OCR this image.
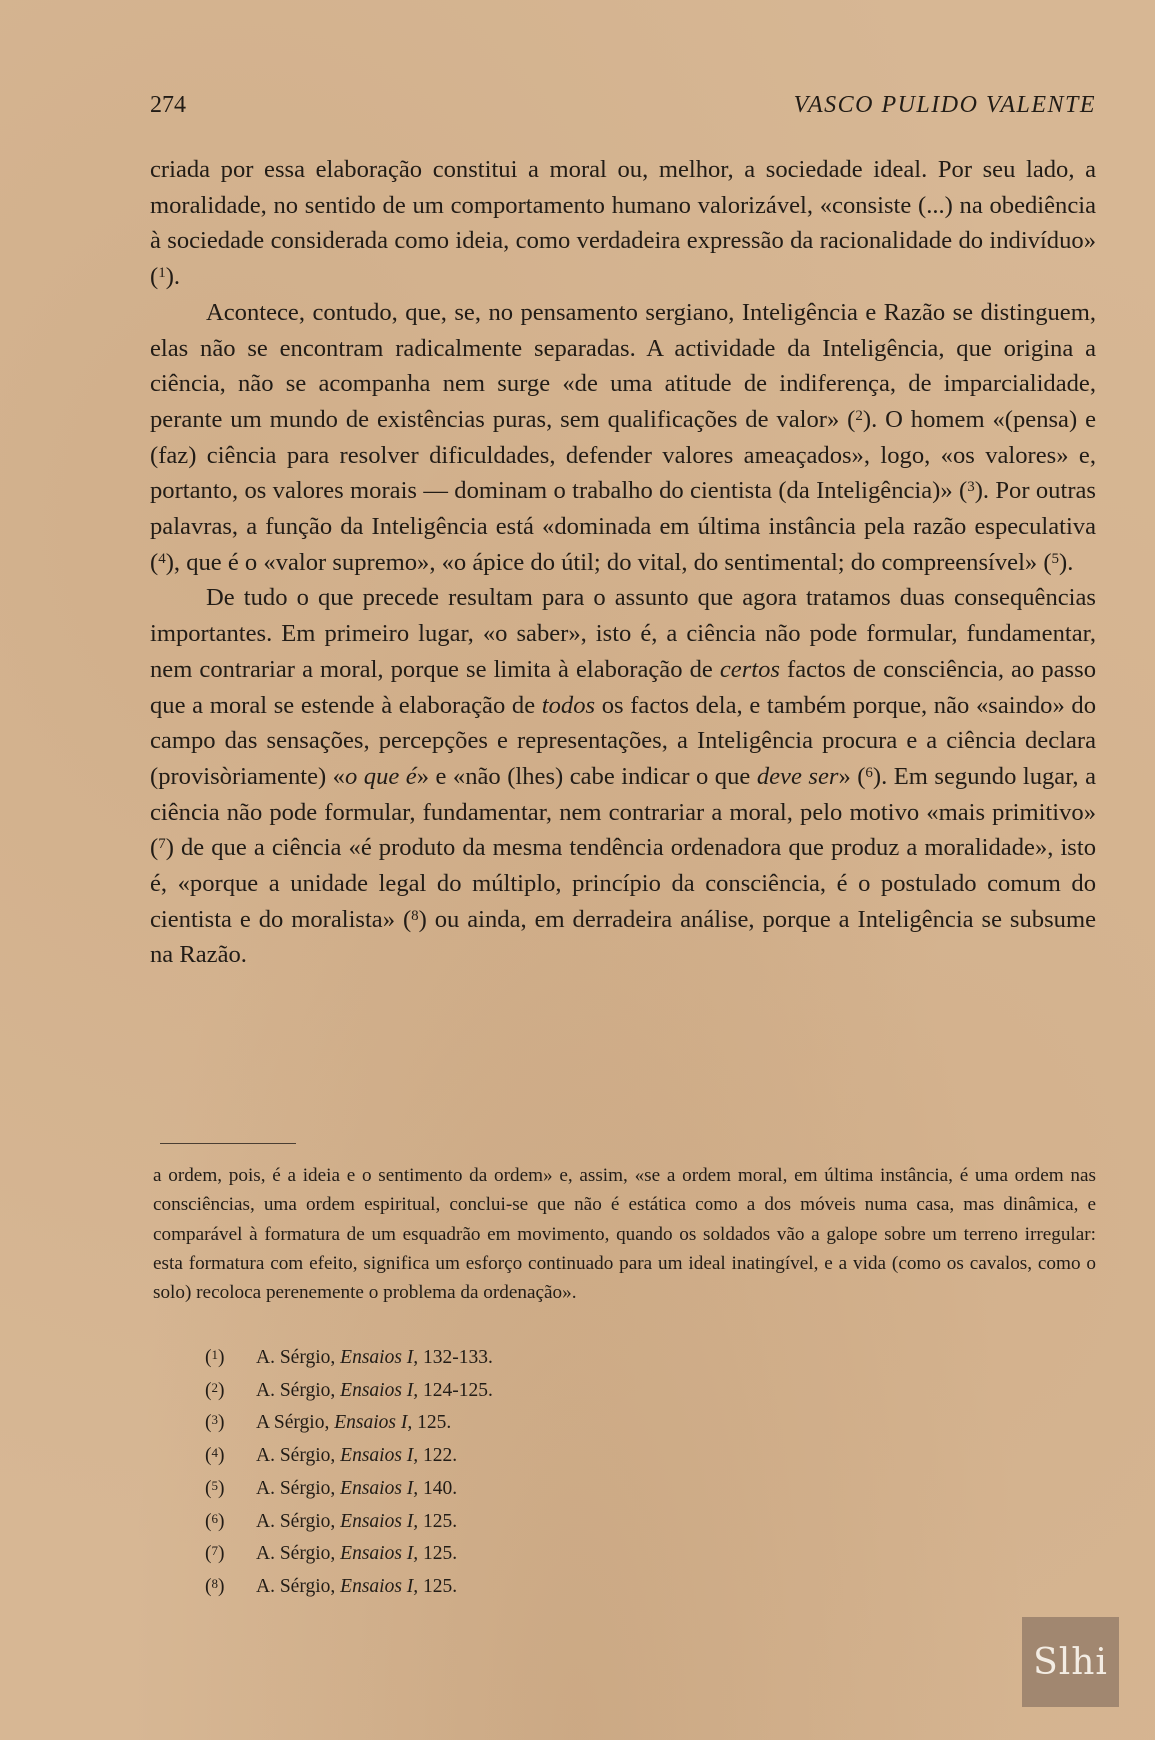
274	VASCO PULIDO VALENTE

criada por essa elaboração constitui a moral ou, melhor, a sociedade ideal. Por seu lado, a moralidade, no sentido de um comportamento humano valorizável, «consiste (...) na obediência à sociedade considerada como ideia, como verdadeira expressão da racionalidade do indivíduo» ($^1$).

Acontece, contudo, que, se, no pensamento sergiano, Inteligência e Razão se distinguem, elas não se encontram radicalmente separadas. A actividade da Inteligência, que origina a ciência, não se acompanha nem surge «de uma atitude de indiferença, de imparcialidade, perante um mundo de existências puras, sem qualificações de valor» ($^2$). O homem «(pensa) e (faz) ciência para resolver dificuldades, defender valores ameaçados», logo, «os valores» e, portanto, os valores morais — dominam o trabalho do cientista (da Inteligência)» ($^3$). Por outras palavras, a função da Inteligência está «dominada em última instância pela razão especulativa ($^4$), que é o «valor supremo», «o ápice do útil; do vital, do sentimental; do compreensível» ($^5$).

De tudo o que precede resultam para o assunto que agora tratamos duas consequências importantes. Em primeiro lugar, «o saber», isto é, a ciência não pode formular, fundamentar, nem contrariar a moral, porque se limita à elaboração de certos factos de consciência, ao passo que a moral se estende à elaboração de todos os factos dela, e também porque, não «saindo» do campo das sensações, percepções e representações, a Inteligência procura e a ciência declara (provisòriamente) «o que é» e «não (lhes) cabe indicar o que deve ser» ($^6$). Em segundo lugar, a ciência não pode formular, fundamentar, nem contrariar a moral, pelo motivo «mais primitivo» ($^7$) de que a ciência «é produto da mesma tendência ordenadora que produz a moralidade», isto é, «porque a unidade legal do múltiplo, princípio da consciência, é o postulado comum do cientista e do moralista» ($^8$) ou ainda, em derradeira análise, porque a Inteligência se subsume na Razão.

a ordem, pois, é a ideia e o sentimento da ordem» e, assim, «se a ordem moral, em última instância, é uma ordem nas consciências, uma ordem espiritual, conclui-se que não é estática como a dos móveis numa casa, mas dinâmica, e comparável à formatura de um esquadrão em movimento, quando os soldados vão a galope sobre um terreno irregular: esta formatura com efeito, significa um esforço continuado para um ideal inatingível, e a vida (como os cavalos, como o solo) recoloca perenemente o problema da ordenação».

($^1$) A. Sérgio, Ensaios I, 132-133.
($^2$) A. Sérgio, Ensaios I, 124-125.
($^3$) A Sérgio, Ensaios I, 125.
($^4$) A. Sérgio, Ensaios I, 122.
($^5$) A. Sérgio, Ensaios I, 140.
($^6$) A. Sérgio, Ensaios I, 125.
($^7$) A. Sérgio, Ensaios I, 125.
($^8$) A. Sérgio, Ensaios I, 125.
Slhi
